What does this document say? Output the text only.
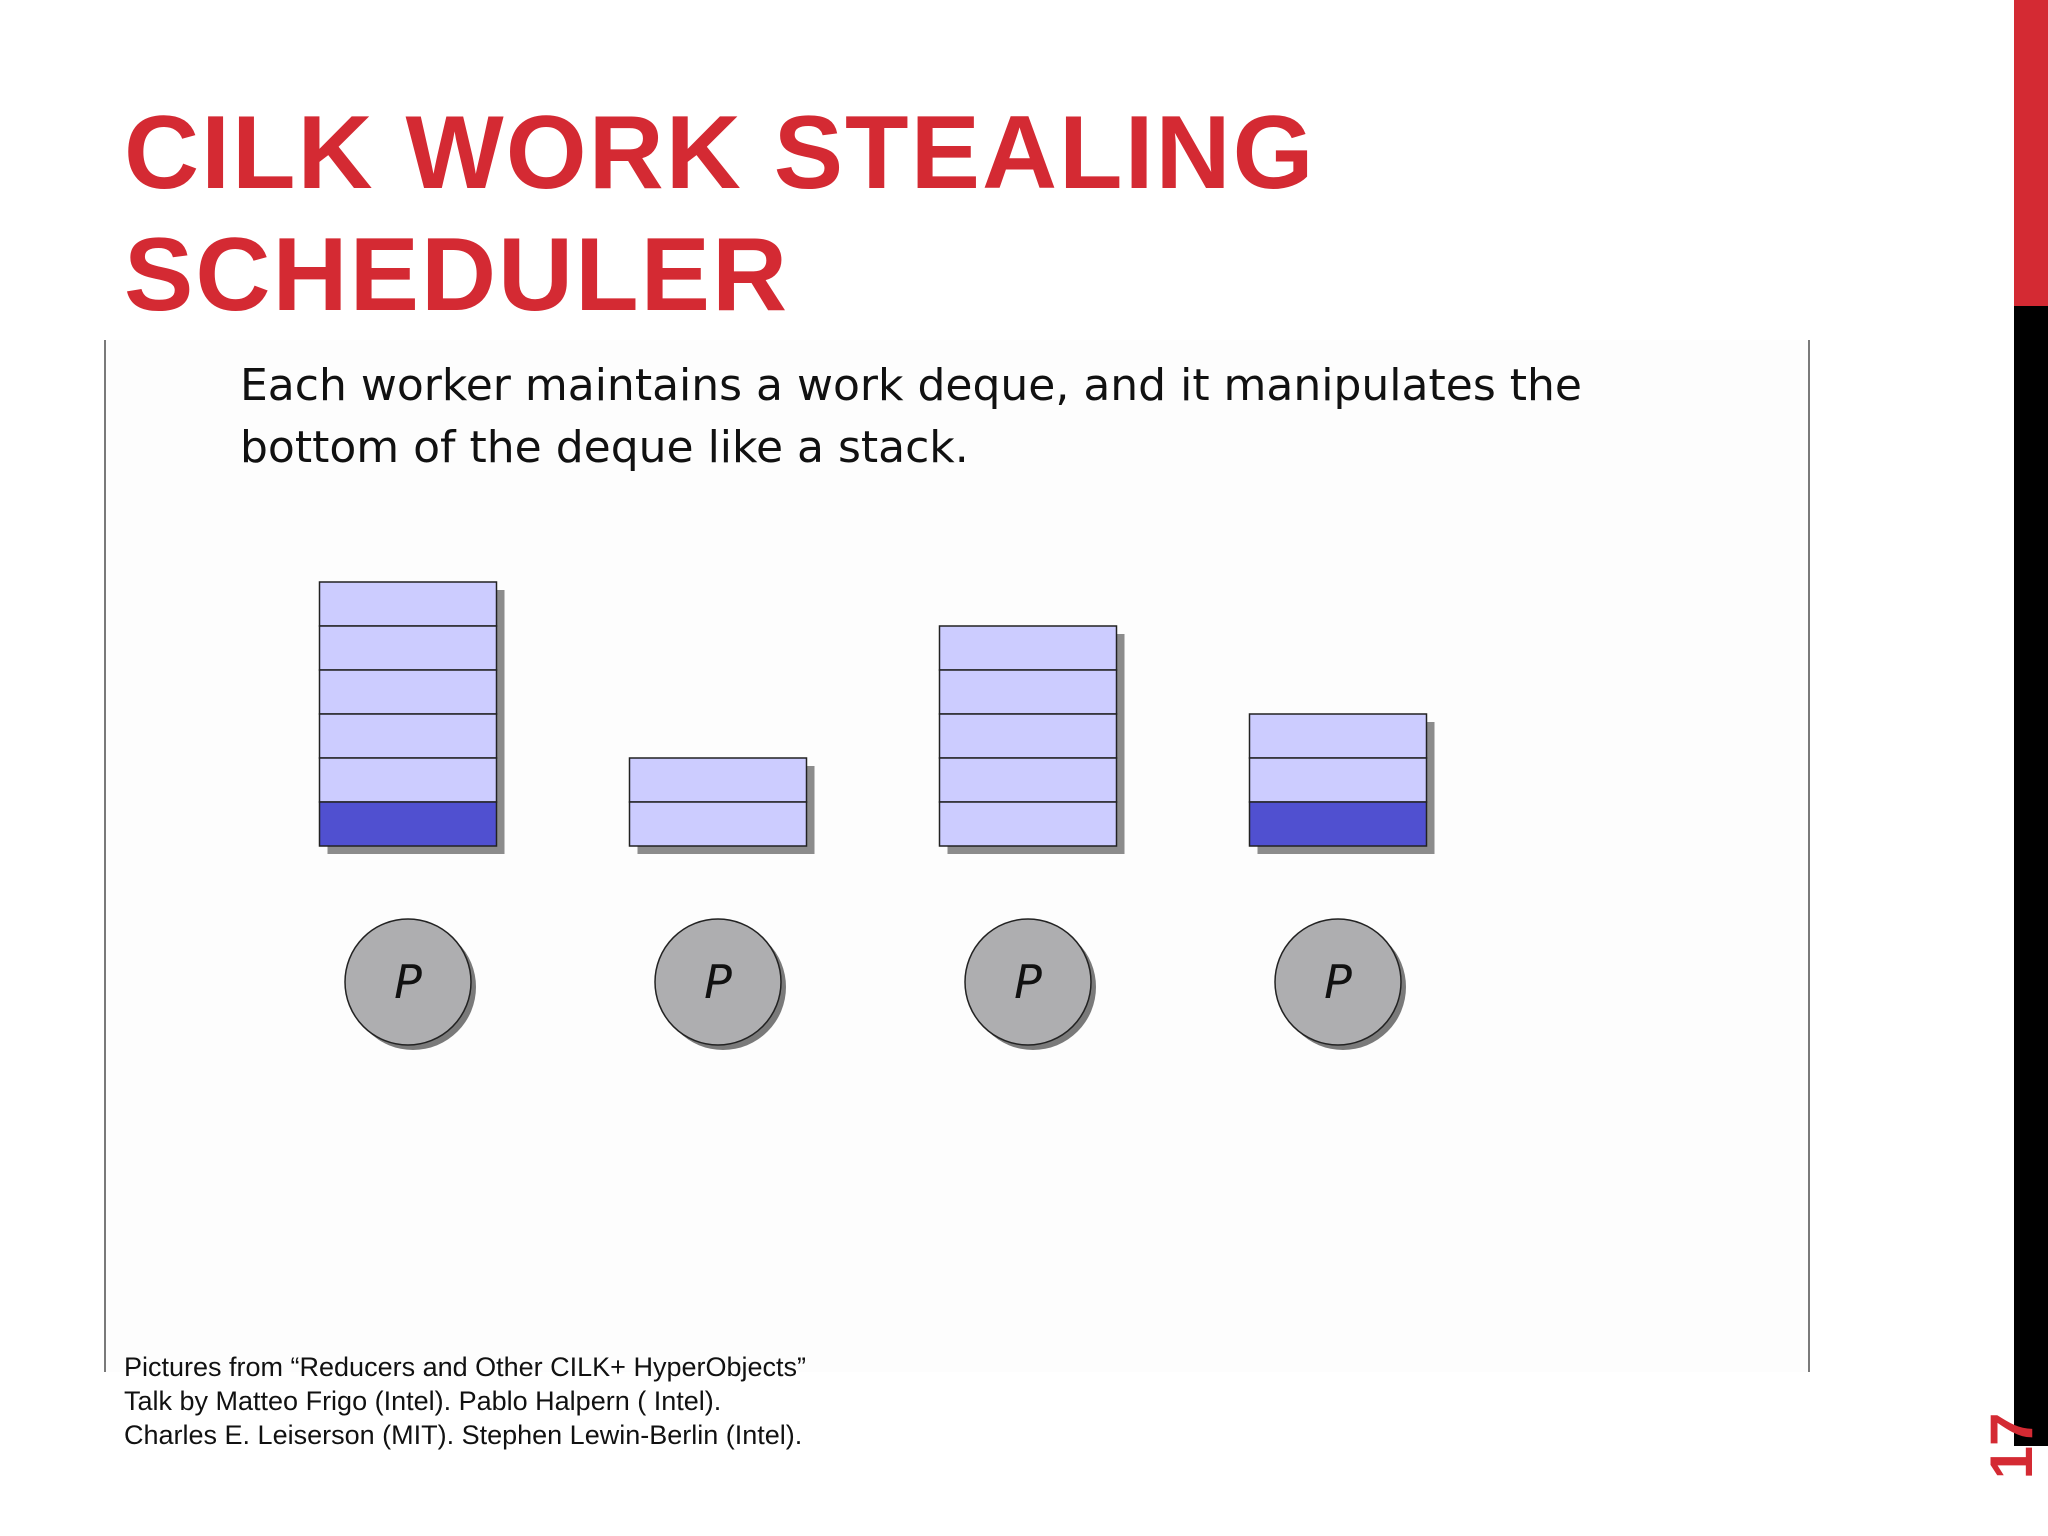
CILK WORK STEALING
SCHEDULER
17
Each worker maintains a work deque, and it manipulates the
bottom of the deque like a stack.
P	P	P	P

Pictures from “Reducers and Other CILK+ HyperObjects”
Talk by Matteo Frigo (Intel). Pablo Halpern ( Intel).
Charles E. Leiserson (MIT). Stephen Lewin-Berlin (Intel).
